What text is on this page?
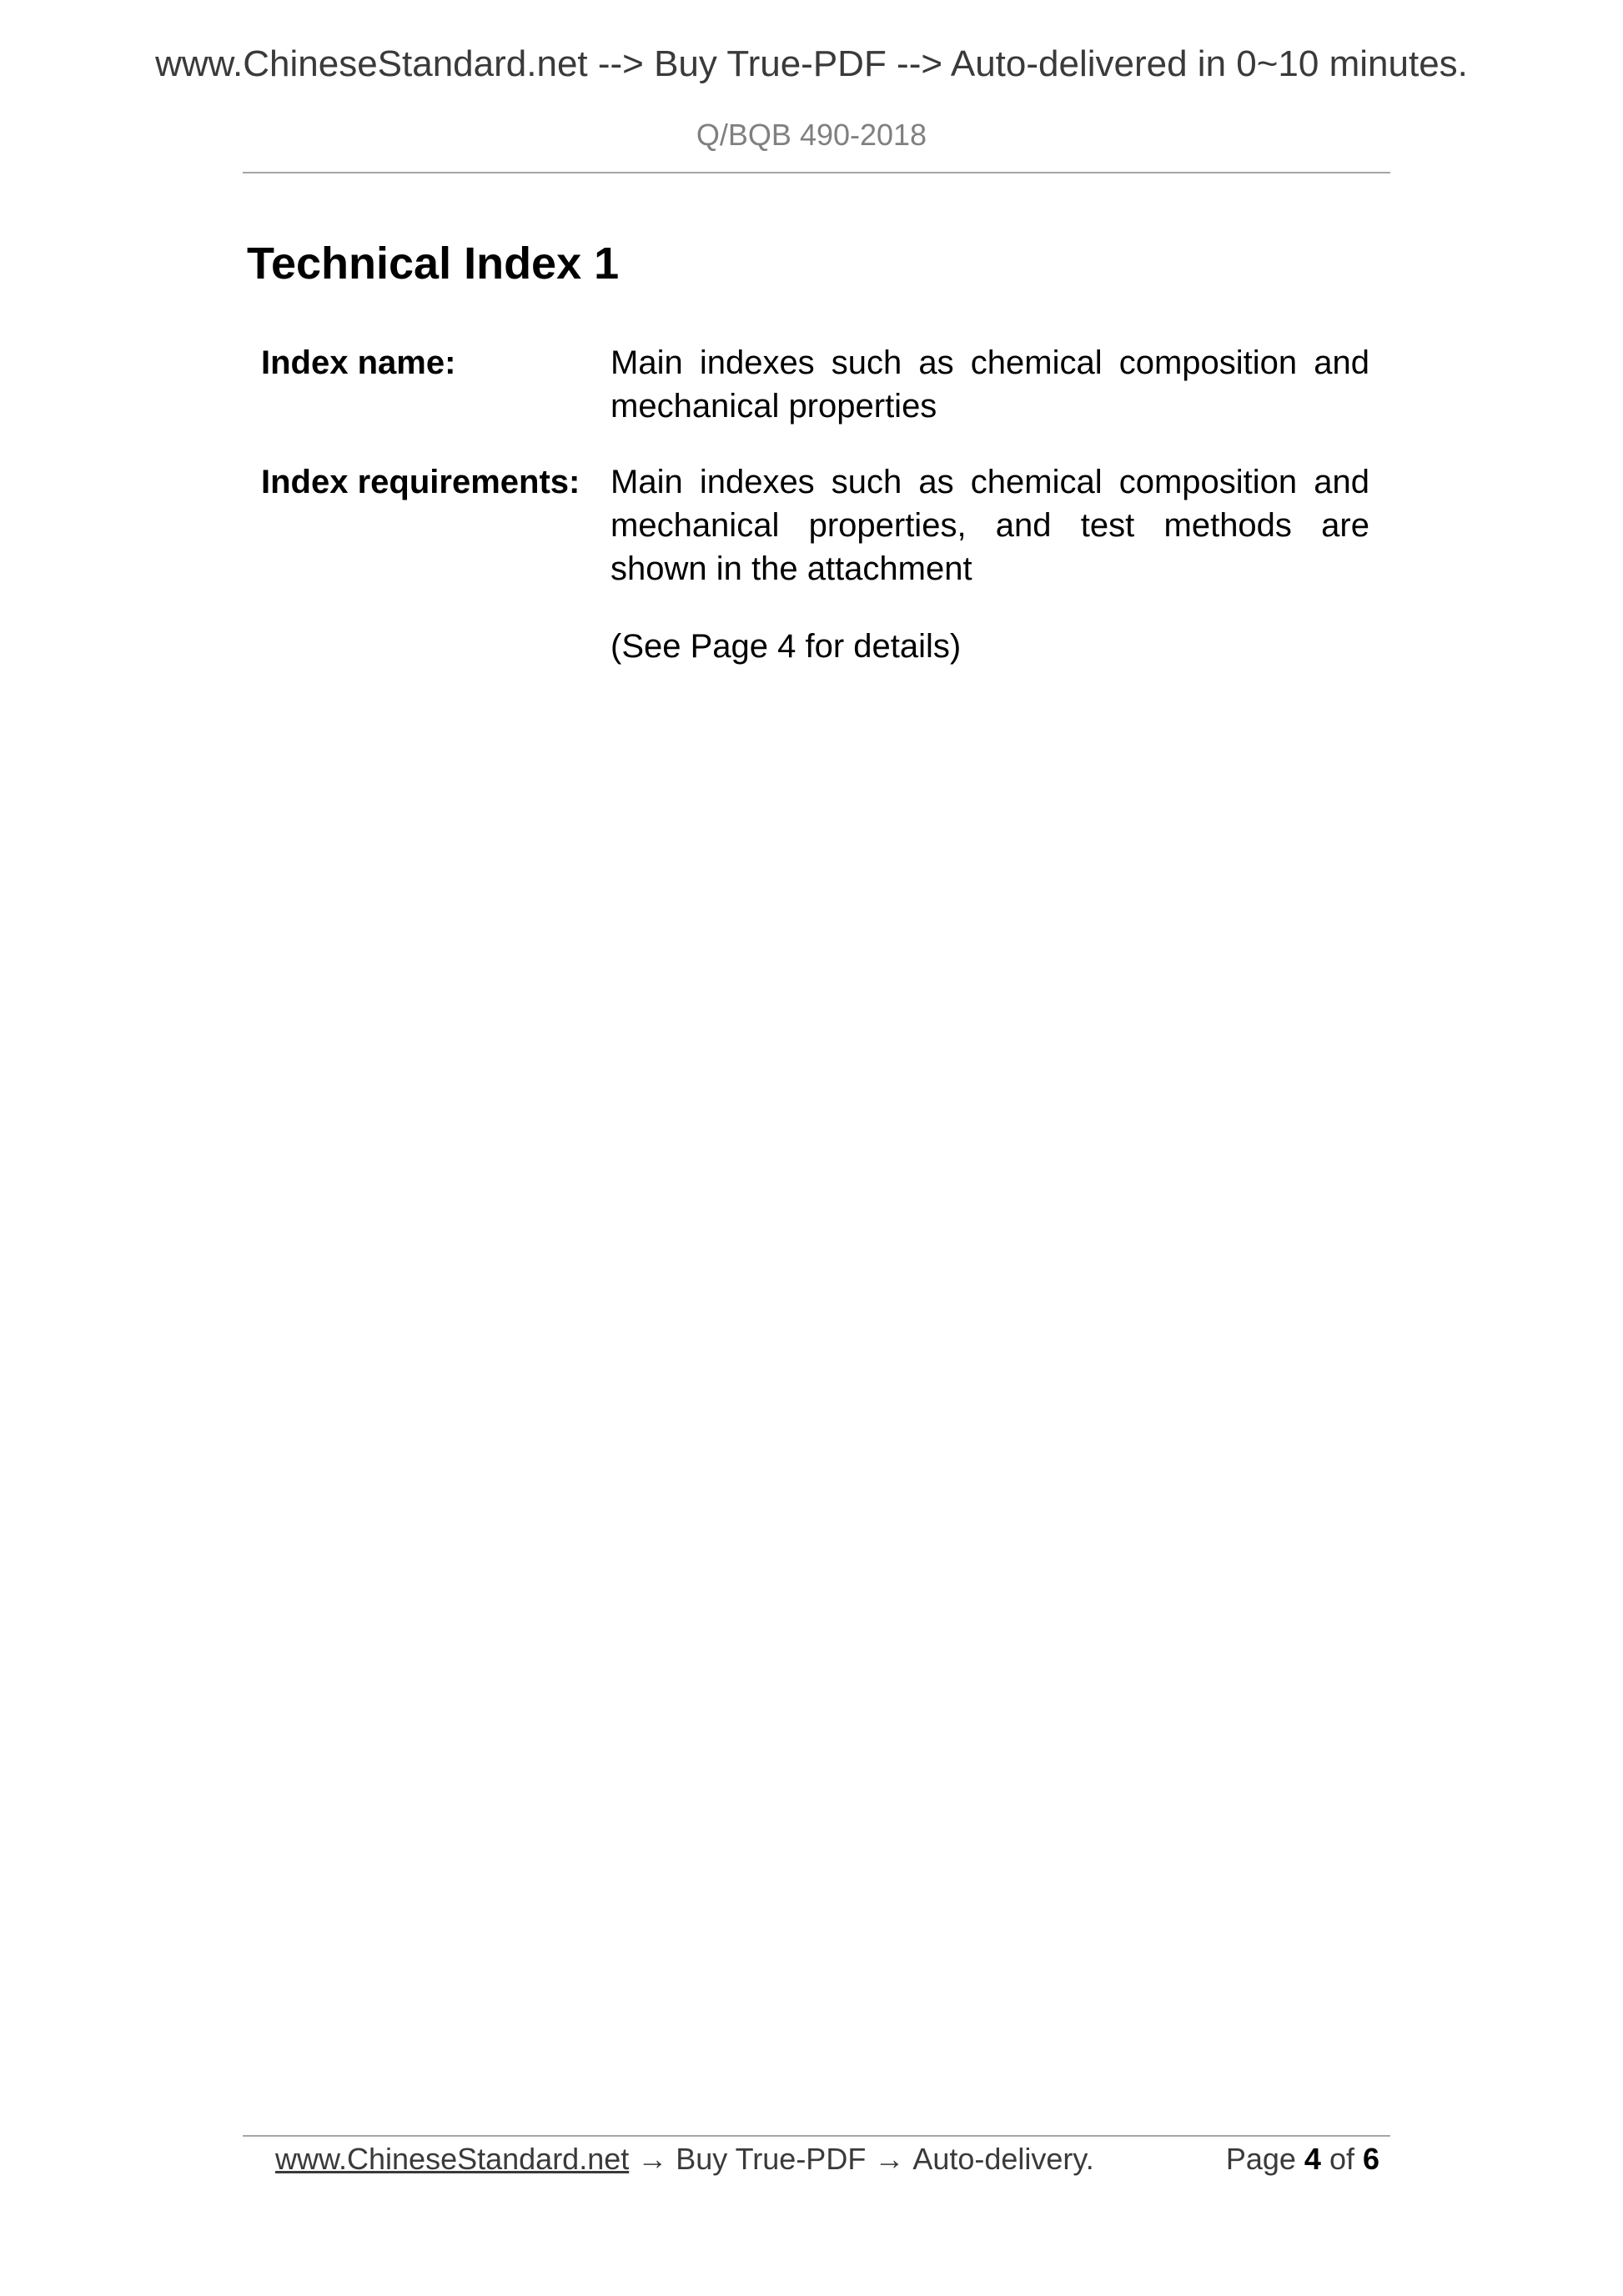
www.ChineseStandard.net --> Buy True-PDF --> Auto-delivered in 0~10 minutes.
Q/BQB 490-2018
Technical Index 1
Index name:	Main indexes such as chemical composition and mechanical properties
Index requirements: Main indexes such as chemical composition and mechanical properties, and test methods are shown in the attachment
(See Page 4 for details)
www.ChineseStandard.net → Buy True-PDF → Auto-delivery.	Page 4 of 6
